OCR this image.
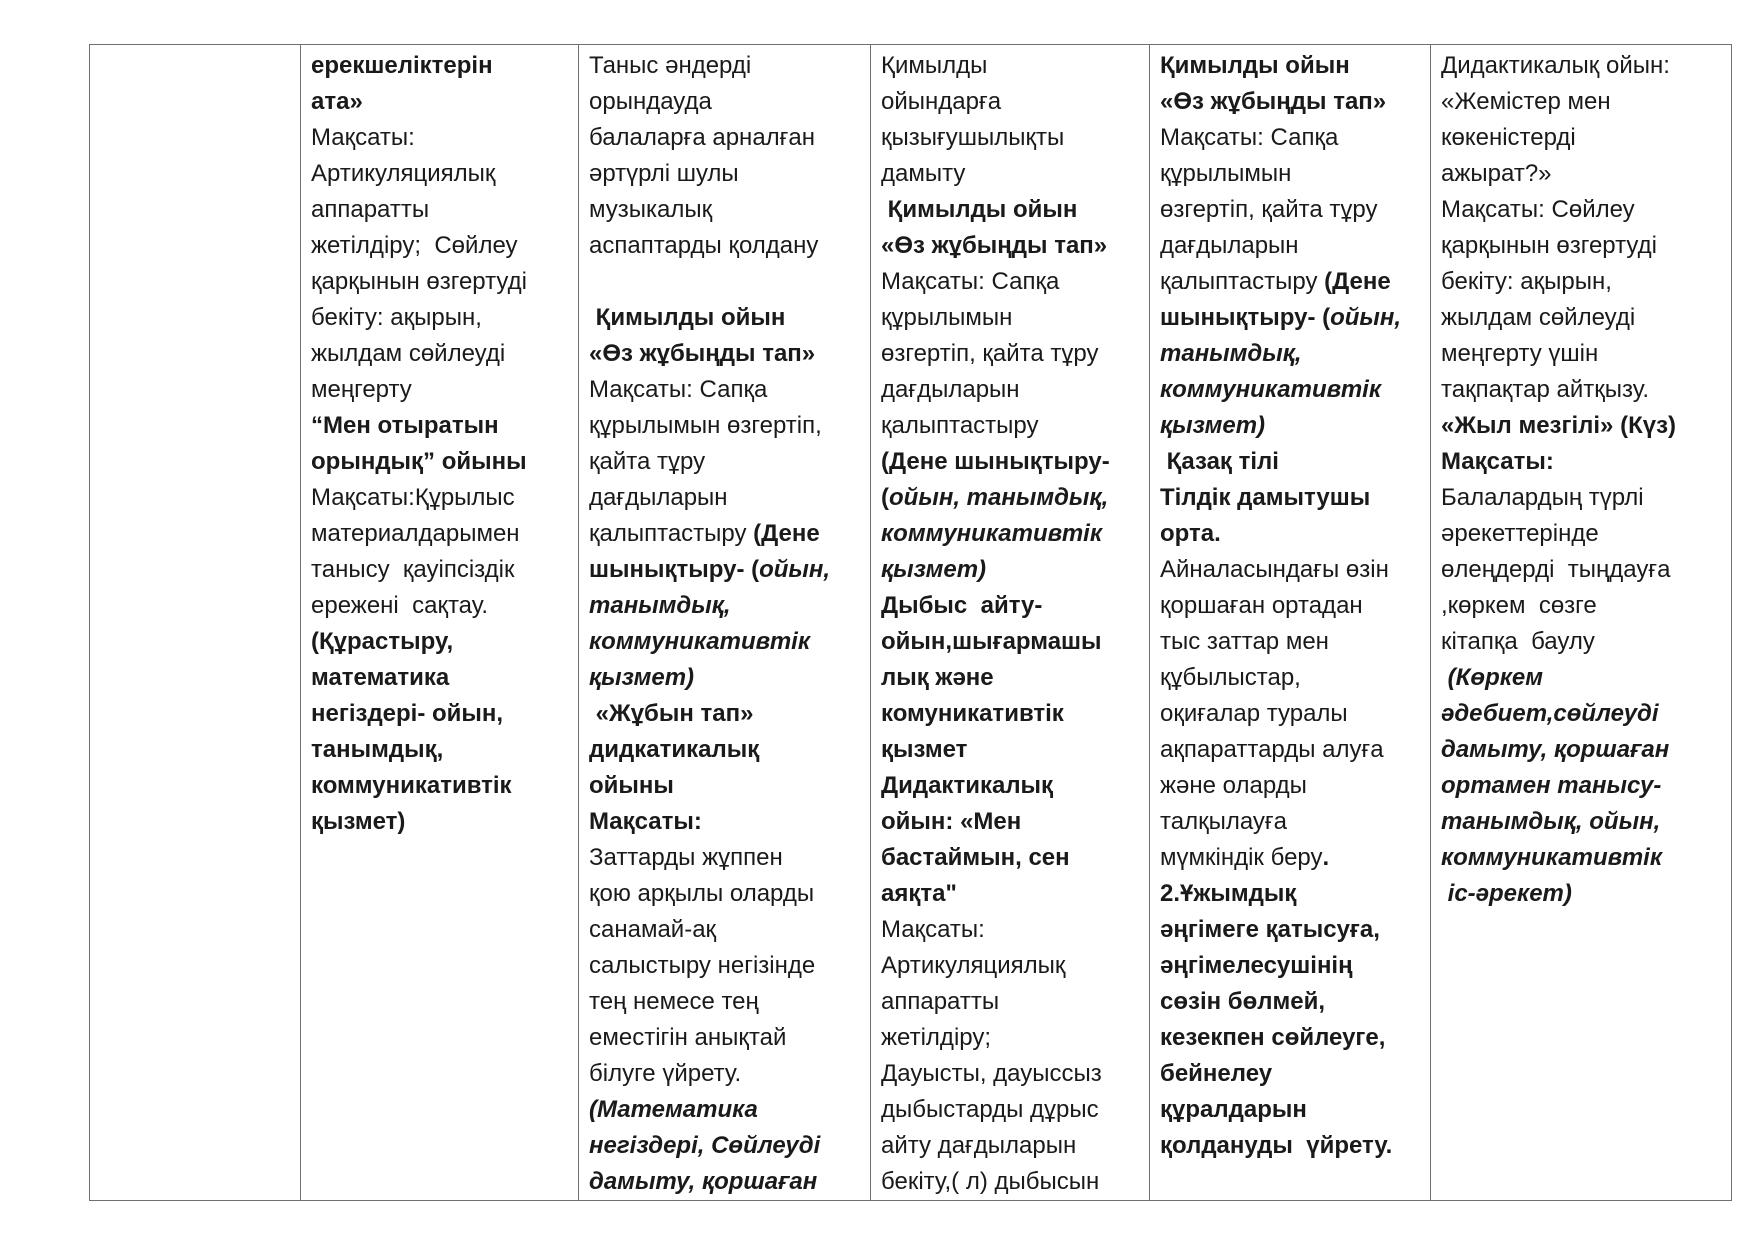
ерекшеліктерін
ата»
Мақсаты:
Артикуляциялық
аппаратты
жетілдіру;  Сөйлеу
қарқынын өзгертуді
бекіту: ақырын,
жылдам сөйлеуді
меңгерту
“Мен отыратын
орындық” ойыны
Мақсаты:Құрылыс
материалдарымен
танысу  қауіпсіздік
ережені  сақтау.
(Құрастыру,
математика
негіздері- ойын,
танымдық,
коммуникативтік
қызмет)

Таныс әндерді
орындауда
балаларға арналған
әртүрлі шулы
музыкалық
аспаптарды қолдану

Қимылды ойын
«Өз жұбыңды тап»
Мақсаты: Сапқа
құрылымын өзгертіп,
қайта тұру
дағдыларын
қалыптастыру (Дене
шынықтыру- (ойын,
танымдық,
коммуникативтік
қызмет)
«Жұбын тап»
дидкатикалық
ойыны
Мақсаты:
Заттарды жұппен
қою арқылы оларды
санамай-ақ
салыстыру негізінде
тең немесе тең
еместігін анықтай
білуге үйрету.
(Математика
негіздері, Сөйлеуді
дамыту, қоршаған

Қимылды
ойындарға
қызығушылықты
дамыту
Қимылды ойын
«Өз жұбыңды тап»
Мақсаты: Сапқа
құрылымын
өзгертіп, қайта тұру
дағдыларын
қалыптастыру
(Дене шынықтыру-
(ойын, танымдық,
коммуникативтік
қызмет)
Дыбыс  айту-
ойын,шығармашы
лық және
комуникативтік
қызмет
Дидактикалық
ойын: «Мен
бастаймын, сен
аяқта"
Мақсаты:
Артикуляциялық
аппаратты
жетілдіру;
Дауысты, дауыссыз
дыбыстарды дұрыс
айту дағдыларын
бекіту,( л) дыбысын

Қимылды ойын
«Өз жұбыңды тап»
Мақсаты: Сапқа
құрылымын
өзгертіп, қайта тұру
дағдыларын
қалыптастыру (Дене
шынықтыру- (ойын,
танымдық,
коммуникативтік
қызмет)
Қазақ тілі
Тілдік дамытушы
орта.
Айналасындағы өзін
қоршаған ортадан
тыс заттар мен
құбылыстар,
оқиғалар туралы
ақпараттарды алуға
және оларды
талқылауға
мүмкіндік беру.
2.Ұжымдық
әңгімеге қатысуға,
әңгімелесушінің
сөзін бөлмей,
кезекпен сөйлеуге,
бейнелеу
құралдарын
қолдануды  үйрету.

Дидактикалық ойын:
«Жемістер мен
көкеністерді
ажырат?»
Мақсаты: Сөйлеу
қарқынын өзгертуді
бекіту: ақырын,
жылдам сөйлеуді
меңгерту үшін
тақпақтар айтқызу.
«Жыл мезгілі» (Күз)
Мақсаты:
Балалардың түрлі
әрекеттерінде
өлеңдерді  тыңдауға
,көркем  сөзге
кітапқа  баулу
(Көркем
әдебиет,сөйлеуді
дамыту, қоршаған
ортамен танысу-
танымдық, ойын,
коммуникативтік
іс-әрекет)
